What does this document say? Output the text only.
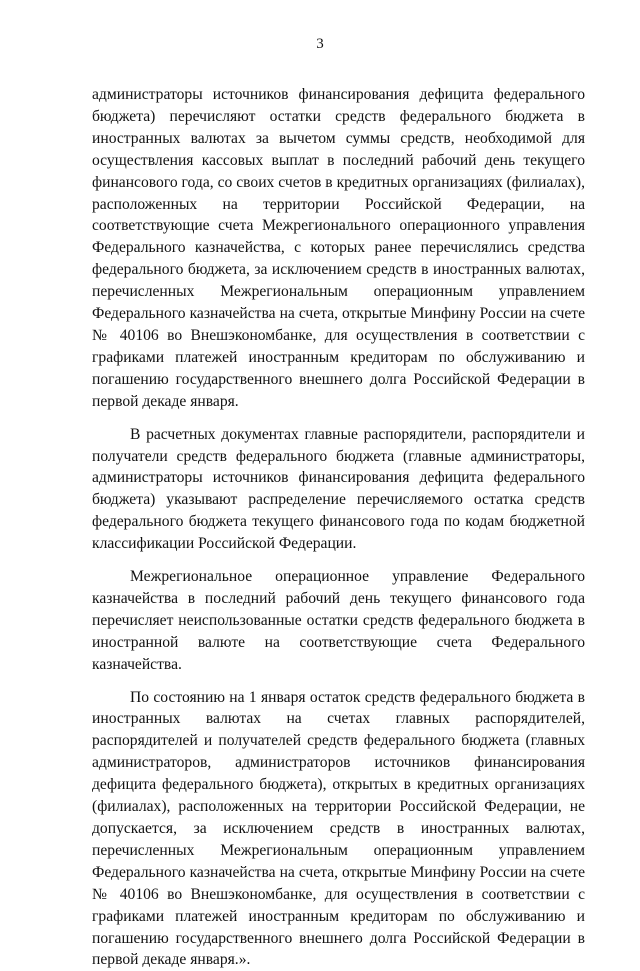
3

администраторы источников финансирования дефицита федерального бюджета) перечисляют остатки средств федерального бюджета в иностранных валютах за вычетом суммы средств, необходимой для осуществления кассовых выплат в последний рабочий день текущего финансового года, со своих счетов в кредитных организациях (филиалах), расположенных на территории Российской Федерации, на соответствующие счета Межрегионального операционного управления Федерального казначейства, с которых ранее перечислялись средства федерального бюджета, за исключением средств в иностранных валютах, перечисленных Межрегиональным операционным управлением Федерального казначейства на счета, открытые Минфину России на счете № 40106 во Внешэкономбанке, для осуществления в соответствии с графиками платежей иностранным кредиторам по обслуживанию и погашению государственного внешнего долга Российской Федерации в первой декаде января.

В расчетных документах главные распорядители, распорядители и получатели средств федерального бюджета (главные администраторы, администраторы источников финансирования дефицита федерального бюджета) указывают распределение перечисляемого остатка средств федерального бюджета текущего финансового года по кодам бюджетной классификации Российской Федерации.

Межрегиональное операционное управление Федерального казначейства в последний рабочий день текущего финансового года перечисляет неиспользованные остатки средств федерального бюджета в иностранной валюте на соответствующие счета Федерального казначейства.

По состоянию на 1 января остаток средств федерального бюджета в иностранных валютах на счетах главных распорядителей, распорядителей и получателей средств федерального бюджета (главных администраторов, администраторов источников финансирования дефицита федерального бюджета), открытых в кредитных организациях (филиалах), расположенных на территории Российской Федерации, не допускается, за исключением средств в иностранных валютах, перечисленных Межрегиональным операционным управлением Федерального казначейства на счета, открытые Минфину России на счете № 40106 во Внешэкономбанке, для осуществления в соответствии с графиками платежей иностранным кредиторам по обслуживанию и погашению государственного внешнего долга Российской Федерации в первой декаде января.».
